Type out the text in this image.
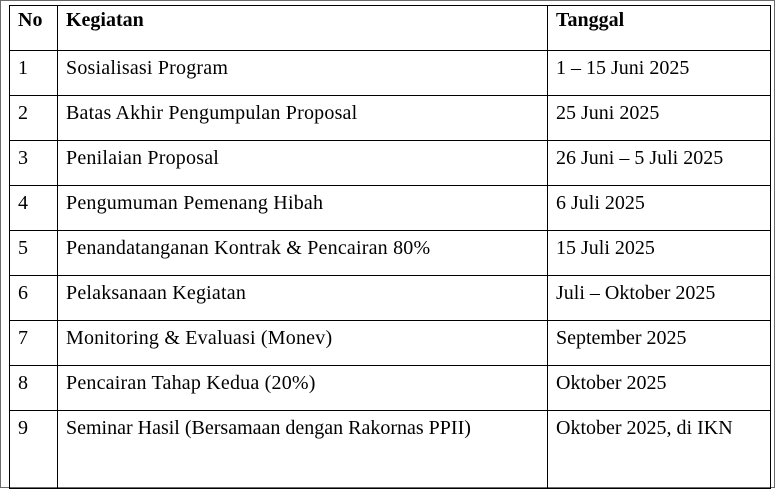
No	Kegiatan	Tanggal
1	Sosialisasi Program	1 – 15 Juni 2025
2	Batas Akhir Pengumpulan Proposal	25 Juni 2025
3	Penilaian Proposal	26 Juni – 5 Juli 2025
4	Pengumuman Pemenang Hibah	6 Juli 2025
5	Penandatanganan Kontrak & Pencairan 80%	15 Juli 2025
6	Pelaksanaan Kegiatan	Juli – Oktober 2025
7	Monitoring & Evaluasi (Monev)	September 2025
8	Pencairan Tahap Kedua (20%)	Oktober 2025
9	Seminar Hasil (Bersamaan dengan Rakornas PPII)	Oktober 2025, di IKN
